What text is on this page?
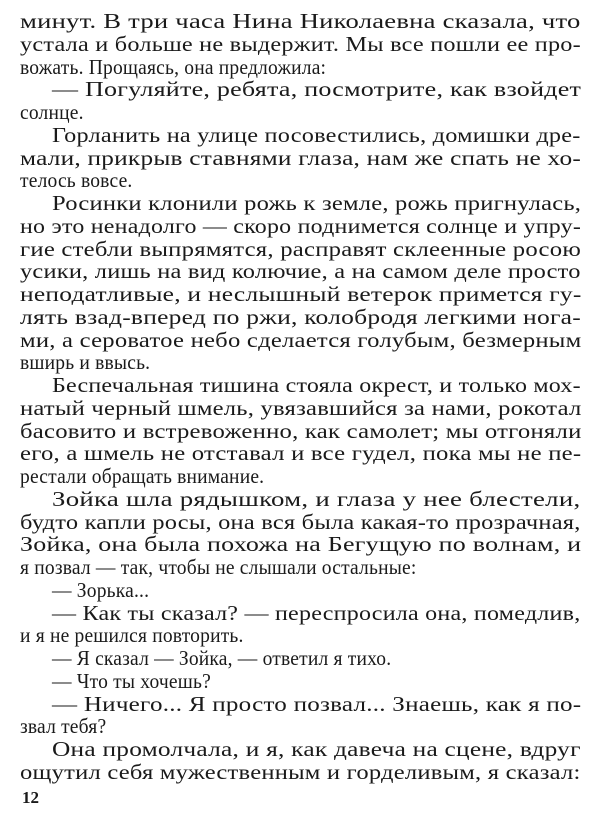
минут. В три часа Нина Николаевна сказала, что
устала и больше не выдержит. Мы все пошли ее про-
вожать. Прощаясь, она предложила:
— Погуляйте, ребята, посмотрите, как взойдет
солнце.
Горланить на улице посовестились, домишки дре-
мали, прикрыв ставнями глаза, нам же спать не хо-
телось вовсе.
Росинки клонили рожь к земле, рожь пригнулась,
но это ненадолго — скоро поднимется солнце и упру-
гие стебли выпрямятся, расправят склеенные росою
усики, лишь на вид колючие, а на самом деле просто
неподатливые, и неслышный ветерок примется гу-
лять взад-вперед по ржи, колобродя легкими нога-
ми, а сероватое небо сделается голубым, безмерным
вширь и ввысь.
Беспечальная тишина стояла окрест, и только мох-
натый черный шмель, увязавшийся за нами, рокотал
басовито и встревоженно, как самолет; мы отгоняли
его, а шмель не отставал и все гудел, пока мы не пе-
рестали обращать внимание.
Зойка шла рядышком, и глаза у нее блестели,
будто капли росы, она вся была какая-то прозрачная,
Зойка, она была похожа на Бегущую по волнам, и
я позвал — так, чтобы не слышали остальные:
— Зорька...
— Как ты сказал? — переспросила она, помедлив,
и я не решился повторить.
— Я сказал — Зойка, — ответил я тихо.
— Что ты хочешь?
— Ничего... Я просто позвал... Знаешь, как я по-
звал тебя?
Она промолчала, и я, как давеча на сцене, вдруг
ощутил себя мужественным и горделивым, я сказал:
12
